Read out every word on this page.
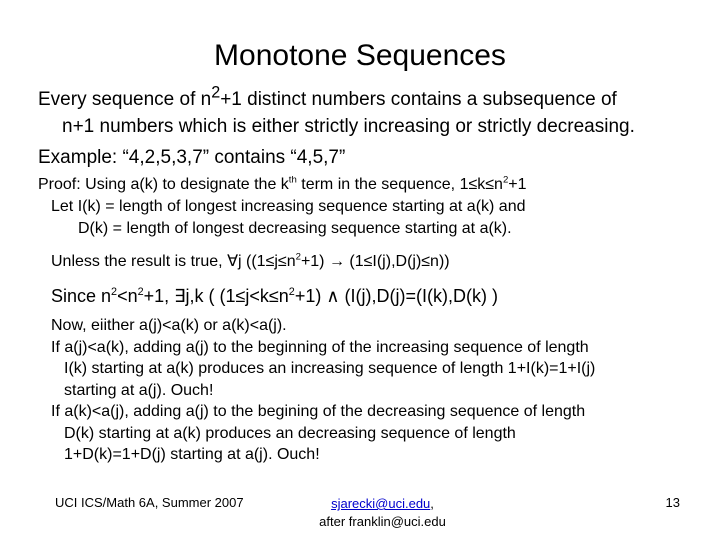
Monotone Sequences
Every sequence of $n^2+1$ distinct numbers contains a subsequence of
n+1 numbers which is either strictly increasing or strictly decreasing.
Example: “4,2,5,3,7” contains “4,5,7”
Proof: Using a(k) to designate the $k^{th}$ term in the sequence, $1\le k\le n^2+1$
Let I(k) = length of longest increasing sequence starting at a(k) and
D(k) = length of longest decreasing sequence starting at a(k).
Unless the result is true, ∀j $((1\le j\le n^2+1) \to (1\le I(j),D(j)\le n))$
Since $n^2<n^2+1$, ∃j,k ( $(1\le j<k\le n^2+1)$ ∧ (I(j),D(j)=(I(k),D(k) )
Now, eiither a(j)<a(k) or a(k)<a(j).
If a(j)<a(k), adding a(j) to the beginning of the increasing sequence of length
I(k) starting at a(k) produces an increasing sequence of length 1+I(k)=1+I(j)
starting at a(j). Ouch!
If a(k)<a(j), adding a(j) to the begining of the decreasing sequence of length
D(k) starting at a(k) produces an decreasing sequence of length
1+D(k)=1+D(j) starting at a(j). Ouch!
UCI ICS/Math 6A, Summer 2007	sjarecki@uci.edu,
after franklin@uci.edu
13
